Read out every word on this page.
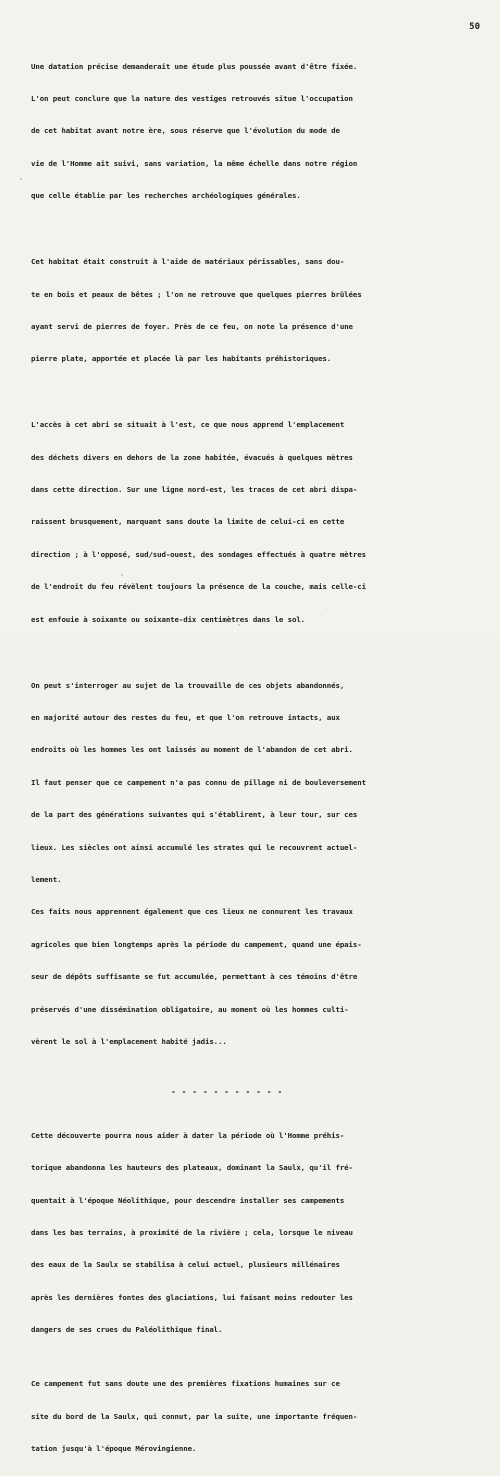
50

Une datation précise demanderait une étude plus poussée avant d'être fixée.

L'on peut conclure que la nature des vestiges retrouvés situe l'occupation

de cet habitat avant notre ère, sous réserve que l'évolution du mode de

vie de l'Homme ait suivi, sans variation, la même échelle dans notre région

que celle établie par les recherches archéologiques générales.

Cet habitat était construit à l'aide de matériaux périssables, sans dou-

te en bois et peaux de bêtes ; l'on ne retrouve que quelques pierres brûlées

ayant servi de pierres de foyer. Près de ce feu, on note la présence d'une

pierre plate, apportée et placée là par les habitants préhistoriques.

L'accès à cet abri se situait à l'est, ce que nous apprend l'emplacement

des déchets divers en dehors de la zone habitée, évacués à quelques mètres

dans cette direction. Sur une ligne nord-est, les traces de cet abri dispa-

raissent brusquement, marquant sans doute la limite de celui-ci en cette

direction ; à l'opposé, sud/sud-ouest, des sondages effectués à quatre mètres

de l'endroit du feu révèlent toujours la présence de la couche, mais celle-ci

est enfouie à soixante ou soixante-dix centimètres dans le sol.

On peut s'interroger au sujet de la trouvaille de ces objets abandonnés,

en majorité autour des restes du feu, et que l'on retrouve intacts, aux

endroits où les hommes les ont laissés au moment de l'abandon de cet abri.

Il faut penser que ce campement n'a pas connu de pillage ni de bouleversement

de la part des générations suivantes qui s'établirent, à leur tour, sur ces

lieux. Les siècles ont ainsi accumulé les strates qui le recouvrent actuel-

lement.

Ces faits nous apprennent également que ces lieux ne connurent les travaux

agricoles que bien longtemps après la période du campement, quand une épais-

seur de dépôts suffisante se fut accumulée, permettant à ces témoins d'être

préservés d'une dissémination obligatoire, au moment où les hommes culti-

vèrent le sol à l'emplacement habité jadis...

- - - - - - - - - - -

Cette découverte pourra nous aider à dater la période où l'Homme préhis-

torique abandonna les hauteurs des plateaux, dominant la Saulx, qu'il fré-

quentait à l'époque Néolithique, pour descendre installer ses campements

dans les bas terrains, à proximité de la rivière ; cela, lorsque le niveau

des eaux de la Saulx se stabilisa à celui actuel, plusieurs millénaires

après les dernières fontes des glaciations, lui faisant moins redouter les

dangers de ses crues du Paléolithique final.

Ce campement fut sans doute une des premières fixations humaines sur ce

site du bord de la Saulx, qui connut, par la suite, une importante fréquen-

tation jusqu'à l'époque Mérovingienne.
